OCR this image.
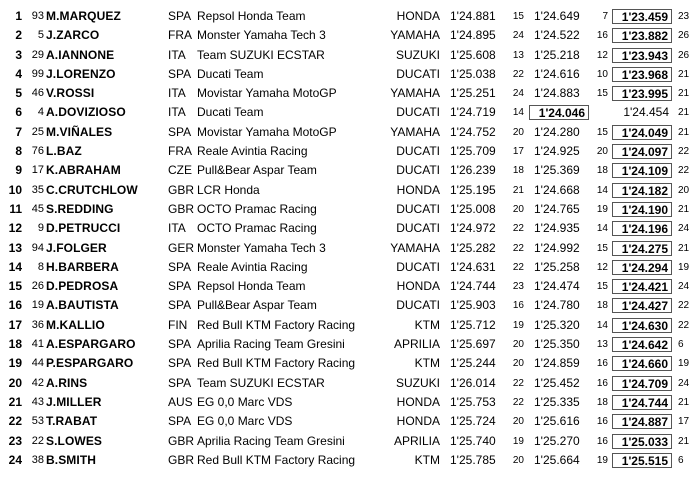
1 93 M.MARQUEZ	SPA Repsol Honda Team	HONDA 1'24.881	15 1'24.649	7	1'23.459	23
2	5 J.ZARCO	FRA Monster Yamaha Tech 3	YAMAHA 1'24.895	24 1'24.522	16	1'23.882	26
3 29 A.IANNONE	ITA Team SUZUKI ECSTAR	SUZUKI 1'25.608	13 1'25.218	12	1'23.943	26
4 99 J.LORENZO	SPA Ducati Team	DUCATI 1'25.038	22 1'24.616	10	1'23.968	21
5 46 V.ROSSI	ITA Movistar Yamaha MotoGP	YAMAHA 1'25.251	24 1'24.883	15	1'23.995	21
6	4 A.DOVIZIOSO	ITA Ducati Team	DUCATI 1'24.719	14	1'24.046	1'24.454 21
7 25 M.VIÑALES	SPA Movistar Yamaha MotoGP	YAMAHA 1'24.752	20 1'24.280	15	1'24.049	21
8 76 L.BAZ	FRA Reale Avintia Racing	DUCATI 1'25.709	17 1'24.925	20	1'24.097	22
9 17 K.ABRAHAM	CZE Pull&Bear Aspar Team	DUCATI 1'26.239	18 1'25.369	18	1'24.109	22
10 35 C.CRUTCHLOW	GBR LCR Honda	HONDA 1'25.195	21 1'24.668	14	1'24.182	20
11 45 S.REDDING	GBR OCTO Pramac Racing	DUCATI 1'25.008	20 1'24.765	19	1'24.190	21
12	9 D.PETRUCCI	ITA OCTO Pramac Racing	DUCATI 1'24.972	22 1'24.935	14	1'24.196	24
13 94 J.FOLGER	GER Monster Yamaha Tech 3	YAMAHA 1'25.282	22 1'24.992	15	1'24.275	21
14	8 H.BARBERA	SPA Reale Avintia Racing	DUCATI 1'24.631	22 1'25.258	12	1'24.294	19
15 26 D.PEDROSA	SPA Repsol Honda Team	HONDA 1'24.744	23 1'24.474	15	1'24.421	24
16 19 A.BAUTISTA	SPA Pull&Bear Aspar Team	DUCATI 1'25.903	16 1'24.780	18	1'24.427	22
17 36 M.KALLIO	FIN Red Bull KTM Factory Racing	KTM 1'25.712	19 1'25.320	14	1'24.630	22
18 41 A.ESPARGARO	SPA Aprilia Racing Team Gresini	APRILIA 1'25.697	20 1'25.350	13	1'24.642	6
19 44 P.ESPARGARO	SPA Red Bull KTM Factory Racing	KTM 1'25.244	20 1'24.859	16	1'24.660	19
20 42 A.RINS	SPA Team SUZUKI ECSTAR	SUZUKI 1'26.014	22 1'25.452	16	1'24.709	24
21 43 J.MILLER	AUS EG 0,0 Marc VDS	HONDA 1'25.753	22 1'25.335	18	1'24.744	21
22 53 T.RABAT	SPA EG 0,0 Marc VDS	HONDA 1'25.724	20 1'25.616	16	1'24.887	17
23 22 S.LOWES	GBR Aprilia Racing Team Gresini	APRILIA 1'25.740	19 1'25.270	16	1'25.033	21
24 38 B.SMITH	GBR Red Bull KTM Factory Racing	KTM 1'25.785	20 1'25.664	19	1'25.515	6
